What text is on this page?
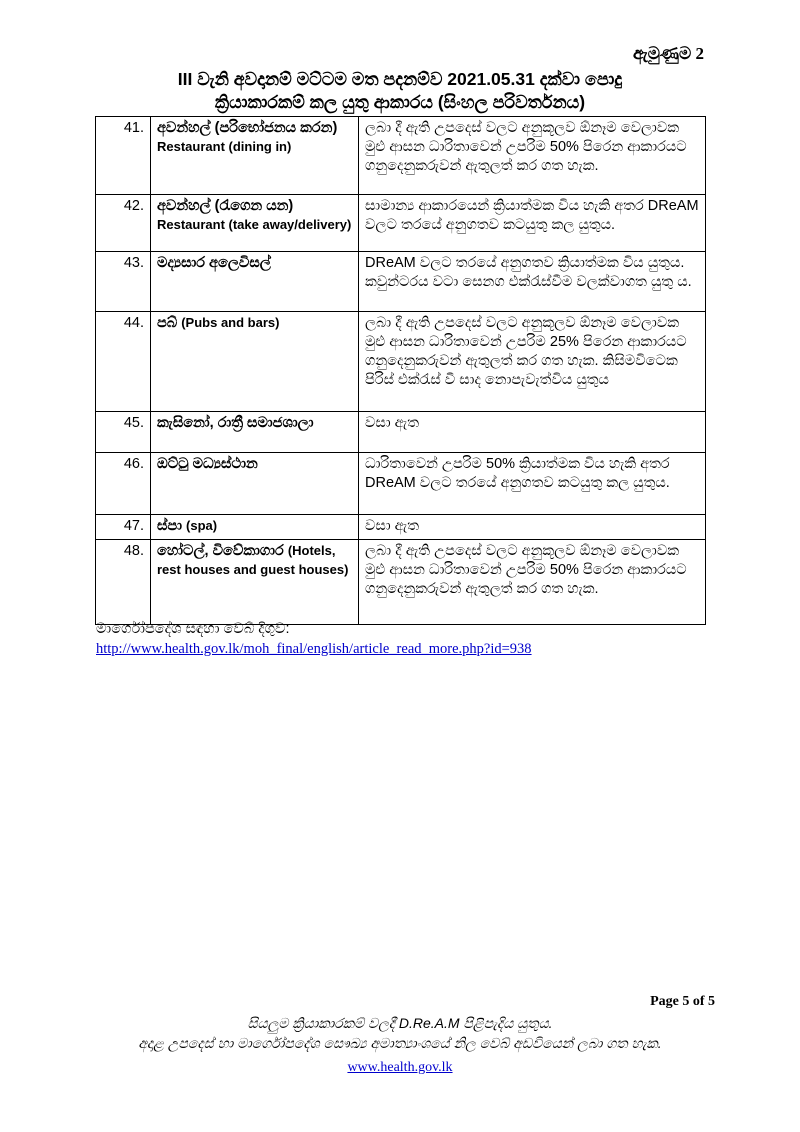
ඇමුණුම 2
III වැනි අවදානම් මට්ටම මත පදනම්ව 2021.05.31 දක්වා පොදු
ක්‍රියාකාරකම් කල යුතු ආකාරය (සිංහල පරිවර්තනය)
41.	අවන්හල් (පරිභෝජනය කරන) Restaurant (dining in)	ලබා දී ඇති උපදෙස් වලට අනුකූලව ඕනෑම වෙලාවක මුළු ආසන ධාරිතාවෙන් උපරිම 50% පිරෙන ආකාරයට ගනුදෙනුකරුවන් ඇතුලත් කර ගත හැක.
42.	අවන්හල් (රැගෙන යන) Restaurant (take away/delivery)	සාමාන්‍ය ආකාරයෙන් ක්‍රියාත්මක විය හැකි අතර DReAM වලට තරයේ අනුගතව කටයුතු කල යුතුය.
43.	මද්‍යසාර අලෙවිසල්	DReAM වලට තරයේ අනුගතව ක්‍රියාත්මක විය යුතුය. කවුන්ටරය වටා සෙනග එක්රැස්වීම වලක්වාගත යුතු ය.
44.	පබ් (Pubs and bars)	ලබා දී ඇති උපදෙස් වලට අනුකූලව ඕනෑම වෙලාවක මුළු ආසන ධාරිතාවෙන් උපරිම 25% පිරෙන ආකාරයට ගනුදෙනුකරුවන් ඇතුලත් කර ගත හැක. කිසිමවිටෙක පිරිස් එක්රැස් වී සාද නොපැවැත්විය යුතුය
45.	කැසිනෝ, රාත්‍රී සමාජශාලා	වසා ඇත
46.	ඔට්ටු මධ්‍යස්ථාන	ධාරිතාවෙන් උපරිම 50% ක්‍රියාත්මක විය හැකි අතර DReAM වලට තරයේ අනුගතව කටයුතු කල යුතුය.
47.	ස්පා (spa)	වසා ඇත
48.	හෝටල්, විවේකාගාර (Hotels, rest houses and guest houses)	ලබා දී ඇති උපදෙස් වලට අනුකූලව ඕනෑම වෙලාවක මුළු ආසන ධාරිතාවෙන් උපරිම 50% පිරෙන ආකාරයට ගනුදෙනුකරුවන් ඇතුලත් කර ගත හැක.
මාර්ගෝපදේශ සඳහා වෙබ් දිගුව:
http://www.health.gov.lk/moh_final/english/article_read_more.php?id=938
Page 5 of 5
සියලුම ක්‍රියාකාරකම් වලදී D.Re.A.M පිළිපැදිය යුතුය.
අදාළ උපදෙස් හා මාර්ගෝපදේශ සෞඛ්‍ය අමාත්‍යාංශයේ නිල වෙබ් අඩවියෙන් ලබා ගත හැක.
www.health.gov.lk
